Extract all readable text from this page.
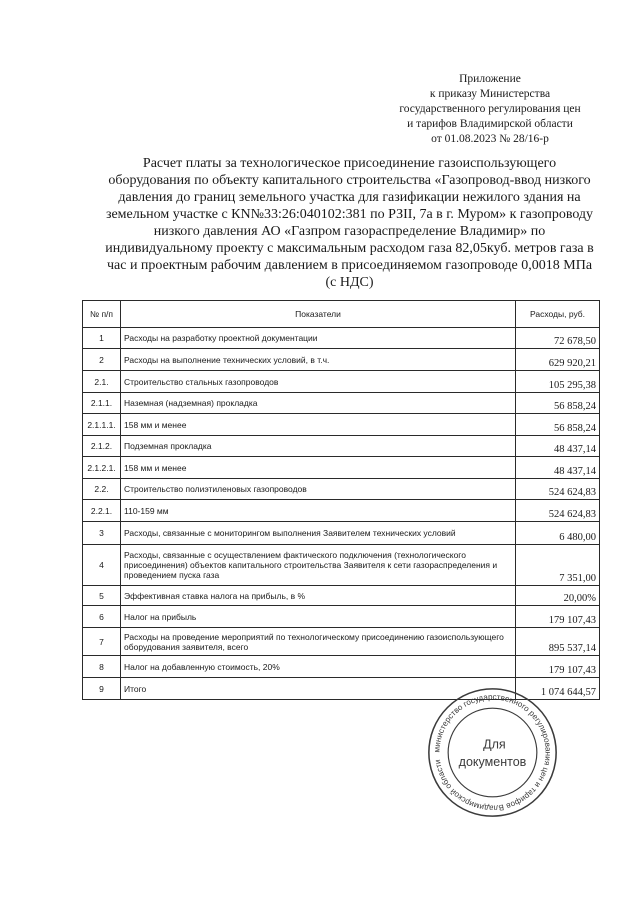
Приложение
к приказу Министерства
государственного регулирования цен
и тарифов Владимирской области
от 01.08.2023 № 28/16-р
Расчет платы за технологическое присоединение газоиспользующего
оборудования по объекту капитального строительства «Газопровод-ввод низкого
давления до границ земельного участка для газификации нежилого здания на
земельном участке с КN№33:26:040102:381 по РЗII, 7а в г. Муром» к газопроводу
низкого давления АО «Газпром газораспределение Владимир» по
индивидуальному проекту с максимальным расходом газа 82,05куб. метров газа в
час и проектным рабочим давлением в присоединяемом газопроводе 0,0018 МПа
(с НДС)
№ п/п	Показатели	Расходы, руб.
1	Расходы на разработку проектной документации	72 678,50
2	Расходы на выполнение технических условий, в т.ч.	629 920,21
2.1.	Строительство стальных газопроводов	105 295,38
2.1.1.	Наземная (надземная) прокладка	56 858,24
2.1.1.1.	158 мм и менее	56 858,24
2.1.2.	Подземная прокладка	48 437,14
2.1.2.1.	158 мм и менее	48 437,14
2.2.	Строительство полиэтиленовых газопроводов	524 624,83
2.2.1.	110-159 мм	524 624,83
3	Расходы, связанные с мониторингом выполнения Заявителем технических условий	6 480,00
4	Расходы, связанные с осуществлением фактического подключения (технологического присоединения) объектов капитального строительства Заявителя к сети газораспределения и проведением пуска газа	7 351,00
5	Эффективная ставка налога на прибыль, в %	20,00%
6	Налог на прибыль	179 107,43
7	Расходы на проведение мероприятий по технологическому присоединению газоиспользующего оборудования заявителя, всего	895 537,14
8	Налог на добавленную стоимость, 20%	179 107,43
9	Итого	1 074 644,57
министерство государственного регулирования цен и тарифов Владимирской области
Для
документов
